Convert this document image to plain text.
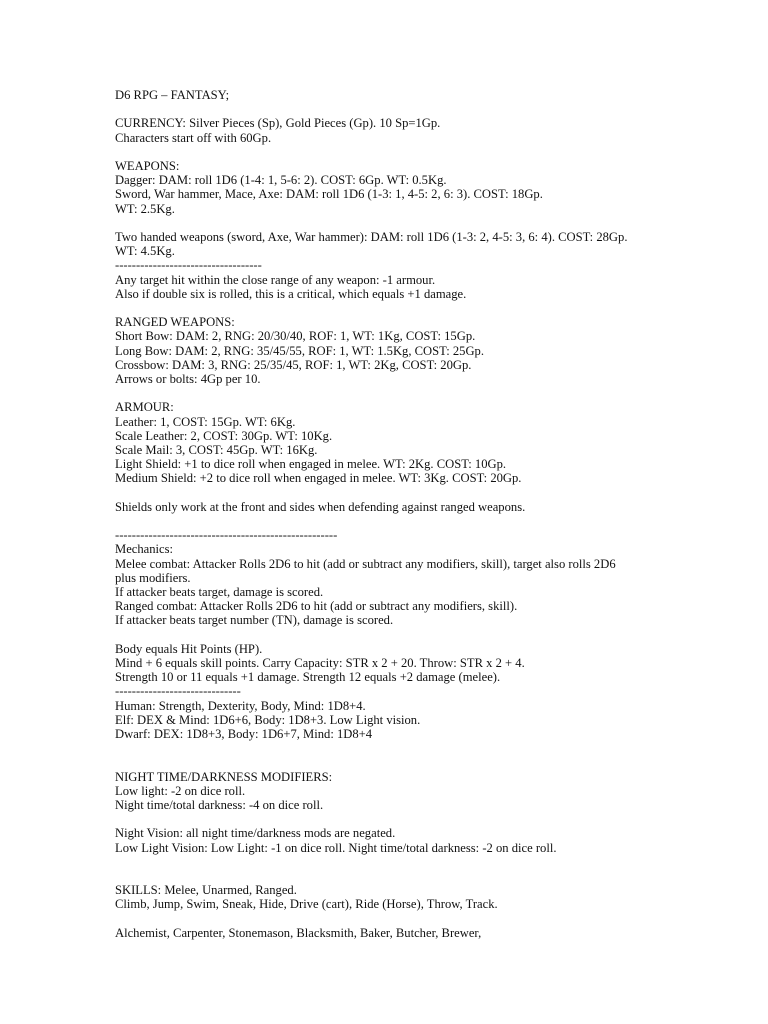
D6 RPG – FANTASY;
CURRENCY: Silver Pieces (Sp), Gold Pieces (Gp). 10 Sp=1Gp.
Characters start off with 60Gp.
WEAPONS:
Dagger: DAM: roll 1D6 (1-4: 1, 5-6: 2). COST: 6Gp. WT: 0.5Kg.
Sword, War hammer, Mace, Axe: DAM: roll 1D6 (1-3: 1, 4-5: 2, 6: 3). COST: 18Gp.
WT: 2.5Kg.
Two handed weapons (sword, Axe, War hammer): DAM: roll 1D6 (1-3: 2, 4-5: 3, 6: 4). COST: 28Gp.
WT: 4.5Kg.
-----------------------------------
Any target hit within the close range of any weapon: -1 armour.
Also if double six is rolled, this is a critical, which equals +1 damage.
RANGED WEAPONS:
Short Bow: DAM: 2, RNG: 20/30/40, ROF: 1, WT: 1Kg, COST: 15Gp.
Long Bow: DAM: 2, RNG: 35/45/55, ROF: 1, WT: 1.5Kg, COST: 25Gp.
Crossbow: DAM: 3, RNG: 25/35/45, ROF: 1, WT: 2Kg, COST: 20Gp.
Arrows or bolts: 4Gp per 10.
ARMOUR:
Leather: 1, COST: 15Gp. WT: 6Kg.
Scale Leather: 2, COST: 30Gp. WT: 10Kg.
Scale Mail: 3, COST: 45Gp. WT: 16Kg.
Light Shield: +1 to dice roll when engaged in melee. WT: 2Kg. COST: 10Gp.
Medium Shield: +2 to dice roll when engaged in melee. WT: 3Kg. COST: 20Gp.
Shields only work at the front and sides when defending against ranged weapons.
-----------------------------------------------------
Mechanics:
Melee combat: Attacker Rolls 2D6 to hit (add or subtract any modifiers, skill), target also rolls 2D6
plus modifiers.
If attacker beats target, damage is scored.
Ranged combat: Attacker Rolls 2D6 to hit (add or subtract any modifiers, skill).
If attacker beats target number (TN), damage is scored.
Body equals Hit Points (HP).
Mind + 6 equals skill points. Carry Capacity: STR x 2 + 20. Throw: STR x 2 + 4.
Strength 10 or 11 equals +1 damage. Strength 12 equals +2 damage (melee).
------------------------------
Human: Strength, Dexterity, Body, Mind: 1D8+4.
Elf: DEX & Mind: 1D6+6, Body: 1D8+3. Low Light vision.
Dwarf: DEX: 1D8+3, Body: 1D6+7, Mind: 1D8+4
NIGHT TIME/DARKNESS MODIFIERS:
Low light: -2 on dice roll.
Night time/total darkness: -4 on dice roll.
Night Vision: all night time/darkness mods are negated.
Low Light Vision: Low Light: -1 on dice roll. Night time/total darkness: -2 on dice roll.
SKILLS: Melee, Unarmed, Ranged.
Climb, Jump, Swim, Sneak, Hide, Drive (cart), Ride (Horse), Throw, Track.
Alchemist, Carpenter, Stonemason, Blacksmith, Baker, Butcher, Brewer,
